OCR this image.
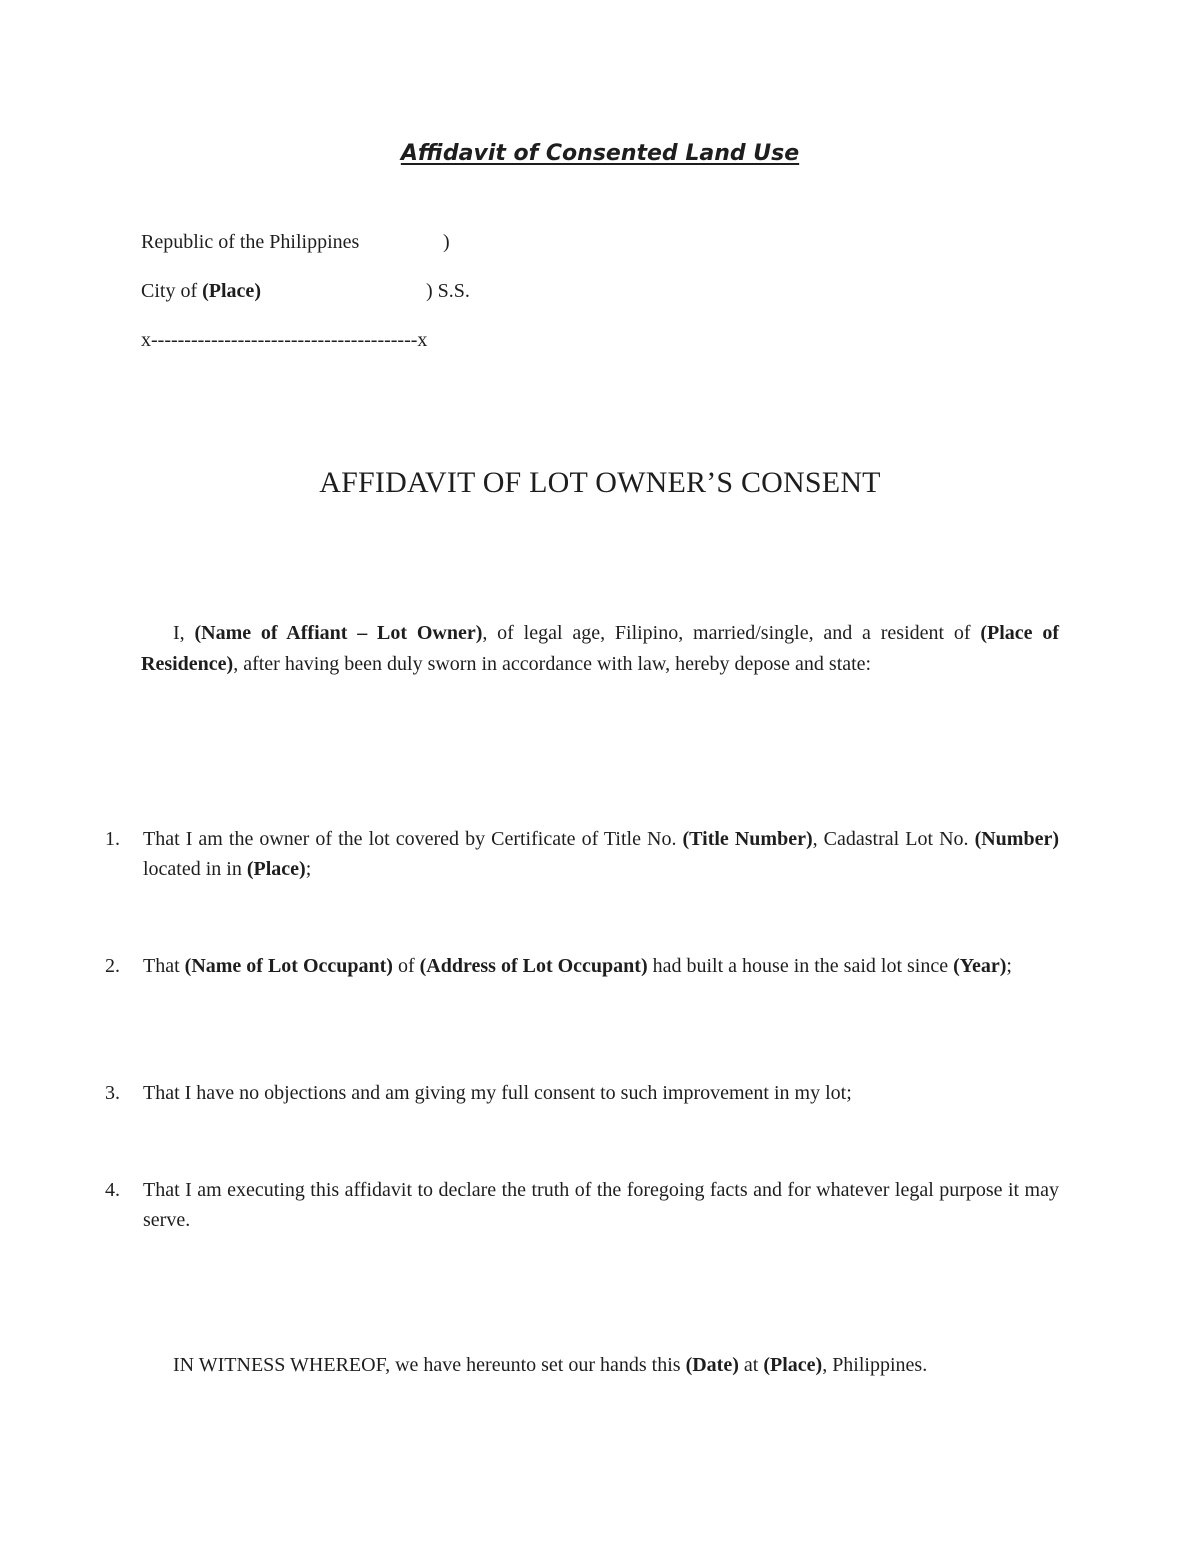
Affidavit of Consented Land Use
Republic of the Philippines	)
City of (Place)	) S.S.
x----------------------------------------x
AFFIDAVIT OF LOT OWNER’S CONSENT
I, (Name of Affiant – Lot Owner), of legal age, Filipino, married/single, and a resident of (Place of Residence), after having been duly sworn in accordance with law, hereby depose and state:
1.	That I am the owner of the lot covered by Certificate of Title No. (Title Number), Cadastral Lot No. (Number) located in in (Place);
2.	That (Name of Lot Occupant) of (Address of Lot Occupant) had built a house in the said lot since (Year);
3.	That I have no objections and am giving my full consent to such improvement in my lot;
4.	That I am executing this affidavit to declare the truth of the foregoing facts and for whatever legal purpose it may serve.
IN WITNESS WHEREOF, we have hereunto set our hands this (Date) at (Place), Philippines.
